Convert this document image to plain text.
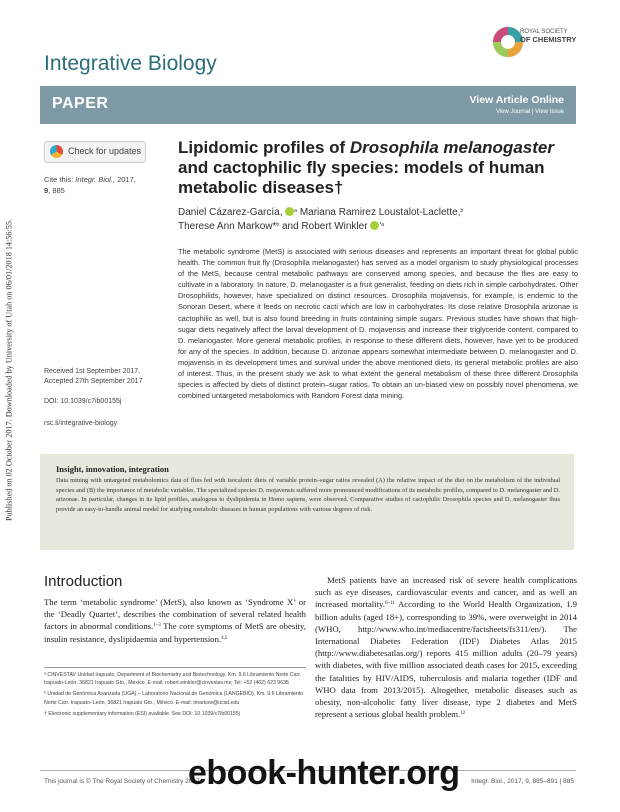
Published on 02 October 2017. Downloaded by University of Utah on 06/01/2018 14:56:55.
Integrative Biology
ROYAL SOCIETY
OF CHEMISTRY
PAPER	View Article Online
View Journal | View Issue
Check for updates
Cite this: Integr. Biol., 2017,
9, 885
Received 1st September 2017,
Accepted 27th September 2017
DOI: 10.1039/c7ib00155j
rsc.li/integrative-biology
Lipidomic profiles of Drosophila melanogaster and cactophilic fly species: models of human metabolic diseases†
Daniel Cázarez-García, $^a$ Mariana Ramirez Loustalot-Laclette,$^b$
Therese Ann Markow*$^b$ and Robert Winkler $^{*a}$
The metabolic syndrome (MetS) is associated with serious diseases and represents an important threat for global public health. The common fruit fly (Drosophila melanogaster) has served as a model organism to study physiological processes of the MetS, because central metabolic pathways are conserved among species, and because the flies are easy to cultivate in a laboratory. In nature, D. melanogaster is a fruit generalist, feeding on diets rich in simple carbohydrates. Other Drosophilids, however, have specialized on distinct resources. Drosophila mojavensis, for example, is endemic to the Sonoran Desert, where it feeds on necrotic cacti which are low in carbohydrates. Its close relative Drosophila arizonae is cactophilic as well, but is also found breeding in fruits containing simple sugars. Previous studies have shown that high-sugar diets negatively affect the larval development of D. mojavensis and increase their triglyceride content, compared to D. melanogaster. More general metabolic profiles, in response to these different diets, however, have yet to be produced for any of the species. In addition, because D. arizonae appears somewhat intermediate between D. melanogaster and D. mojavensis in its development times and survival under the above mentioned diets, its general metabolic profiles are also of interest. Thus, in the present study we ask to what extent the general metabolism of these three different Drosophila species is affected by diets of distinct protein–sugar ratios. To obtain an un-biased view on possibly novel phenomena, we combined untargeted metabolomics with Random Forest data mining.
Insight, innovation, integration
Data mining with untargeted metabolomics data of flies fed with isocaloric diets of variable protein–sugar ratios revealed (A) the relative impact of the diet on the metabolism of the individual species and (B) the importance of metabolic variables. The specialized species D. mojavensis suffered more pronounced modifications of its metabolic profiles, compared to D. melanogaster and D. arizonae. In particular, changes in its lipid profiles, analogous to dyslipidemia in Homo sapiens, were observed. Comparative studies of cactophilic Drosophila species and D. melanogaster thus provide an easy-to-handle animal model for studying metabolic diseases in human populations with various degrees of risk.
Introduction
The term ‘metabolic syndrome’ (MetS), also known as ‘Syndrome X’ or the ‘Deadly Quartet’, describes the combination of several related health factors in abnormal conditions.$^{1-3}$ The core symptoms of MetS are obesity, insulin resistance, dyslipidaemia and hypertension.$^{4,5}$

ᵃ CINVESTAV Unidad Irapuato, Department of Biochemistry and Biotechnology, Km. 9.6 Libramiento Norte Carr. Irapuato-León, 36821 Irapuato Gto., Mexico. E-mail: robert.winkler@cinvestav.mx; Tel: +52 (462) 623 9635

ᵇ Unidad de Genómica Avanzada (UGA) – Laboratorio Nacional de Genómica (LANGEBIO), Km. 9.6 Libramiento Norte Carr. Irapuato- León, 36821 Irapuato Gto., México. E-mail: tmarkow@ucsd.edu

† Electronic supplementary information (ESI) available. See DOI: 10.1039/c7ib00155j

MetS patients have an increased risk of severe health complications such as eye diseases, cardiovascular events and cancer, and as well an increased mortality.$^{6-11}$ According to the World Health Organization, 1.9 billion adults (aged 18+), corresponding to 39%, were overweight in 2014 (WHO, http://www.who.int/mediacentre/factsheets/fs311/en/). The International Diabetes Federation (IDF) Diabetes Atlas 2015 (http://www.diabetesatlas.org/) reports 415 million adults (20–79 years) with diabetes, with five million associated death cases for 2015, exceeding the fatalities by HIV/AIDS, tuberculosis and malaria together (IDF and WHO data from 2013/2015). Altogether, metabolic diseases such as obesity, non-alcoholic fatty liver disease, type 2 diabetes and MetS represent a serious global health problem.$^{12}$
This journal is © The Royal Society of Chemistry 2017	Integr. Biol., 2017, 9, 885–891 | 885
ebook-hunter.org
